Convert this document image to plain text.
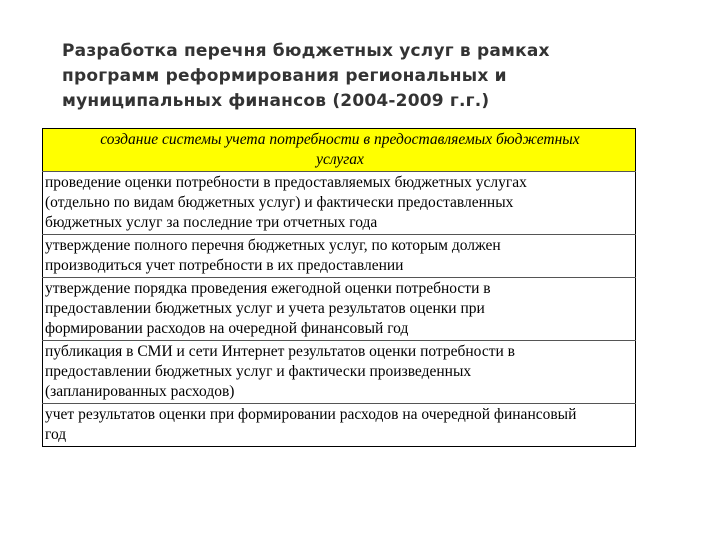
Разработка перечня бюджетных услуг в рамках
программ реформирования региональных и
муниципальных финансов (2004-2009 г.г.)
создание системы учета потребности в предоставляемых бюджетных
услугах

проведение оценки потребности в предоставляемых бюджетных услугах
(отдельно по видам бюджетных услуг) и фактически предоставленных
бюджетных услуг за последние три отчетных года

утверждение полного перечня бюджетных услуг, по которым должен
производиться учет потребности в их предоставлении

утверждение порядка проведения ежегодной оценки потребности в
предоставлении бюджетных услуг и учета результатов оценки при
формировании расходов на очередной финансовый год

публикация в СМИ и сети Интернет результатов оценки потребности в
предоставлении бюджетных услуг и фактически произведенных
(запланированных расходов)

учет результатов оценки при формировании расходов на очередной финансовый
год
